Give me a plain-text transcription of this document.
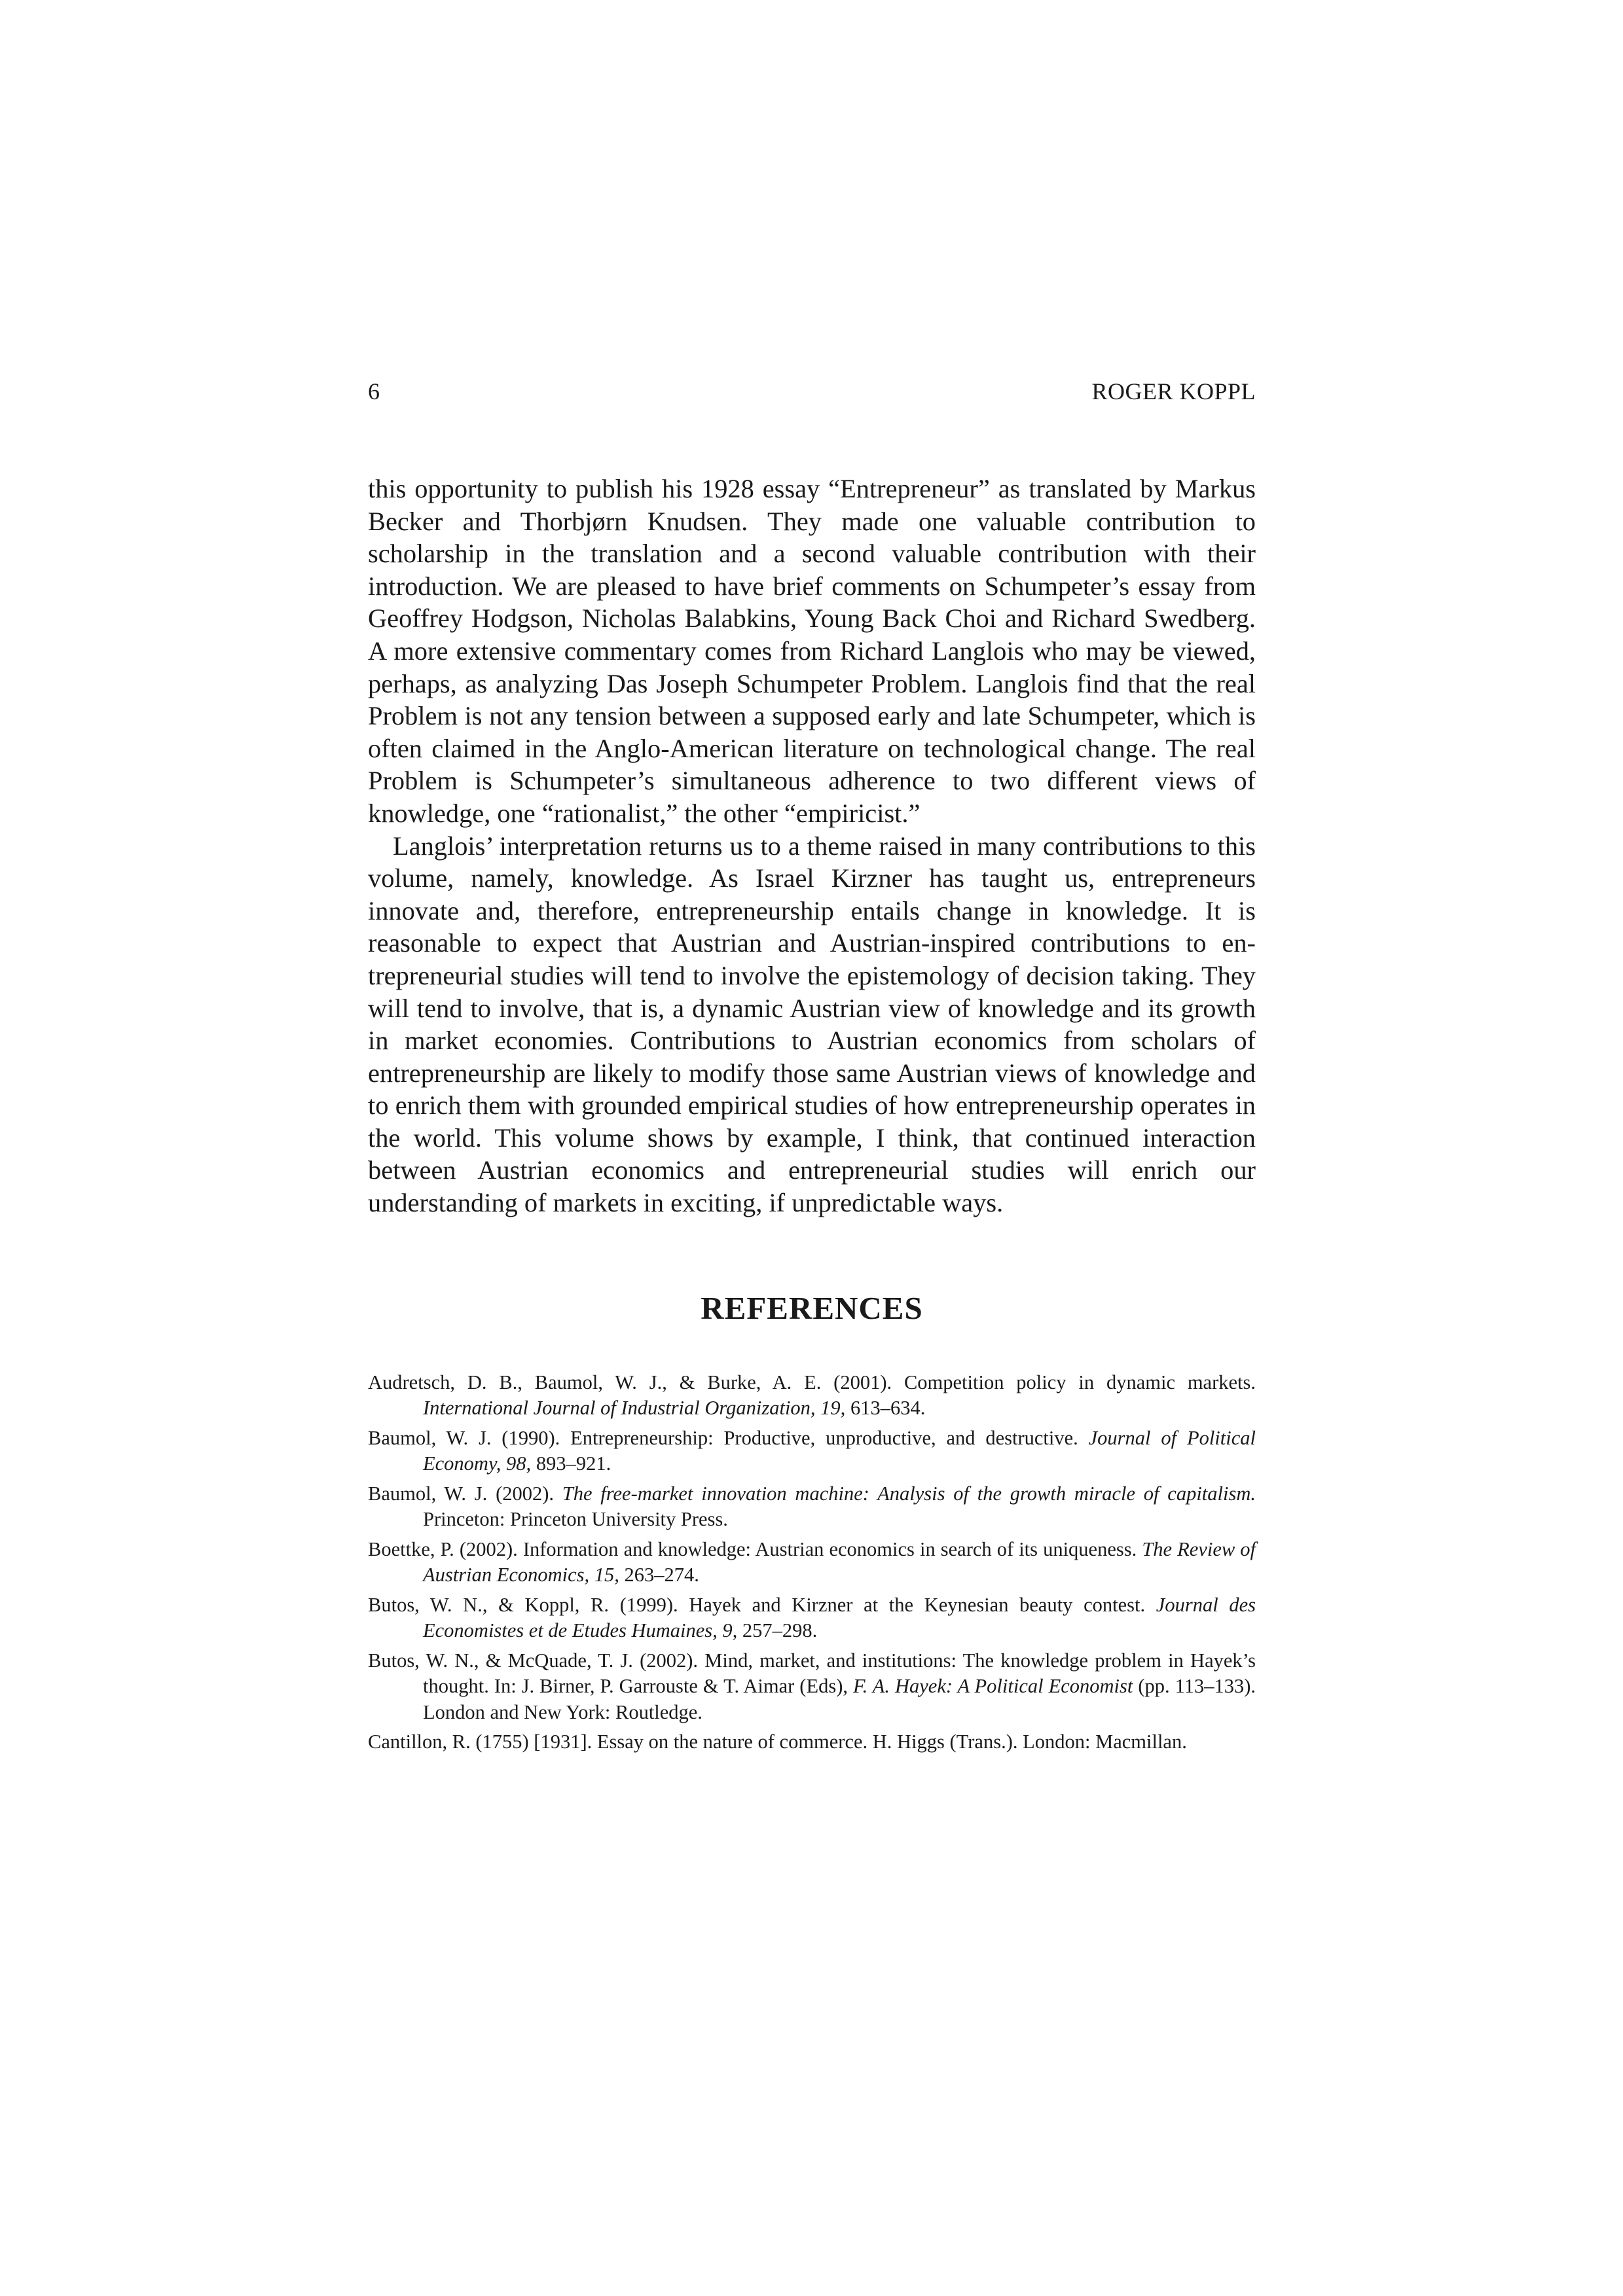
6	ROGER KOPPL

this opportunity to publish his 1928 essay “Entrepreneur” as translated by Markus Becker and Thorbjørn Knudsen. They made one valuable contribution to scholarship in the translation and a second valuable contribution with their introduction. We are pleased to have brief comments on Schumpeter’s essay from Geoffrey Hodgson, Nicholas Balabkins, Young Back Choi and Richard Swedberg. A more extensive commentary comes from Richard Langlois who may be viewed, perhaps, as analyzing Das Joseph Schumpeter Problem. Langlois find that the real Problem is not any tension between a supposed early and late Schumpeter, which is often claimed in the Anglo-American literature on technological change. The real Problem is Schumpeter’s simultaneous adherence to two different views of knowledge, one “rationalist,” the other “empiricist.”

Langlois’ interpretation returns us to a theme raised in many contributions to this volume, namely, knowledge. As Israel Kirzner has taught us, entrepreneurs innovate and, therefore, entrepreneurship entails change in knowledge. It is reasonable to expect that Austrian and Austrian-inspired contributions to entrepreneurial studies will tend to involve the epistemology of decision taking. They will tend to involve, that is, a dynamic Austrian view of knowledge and its growth in market economies. Contributions to Austrian economics from scholars of entrepreneurship are likely to modify those same Austrian views of knowledge and to enrich them with grounded empirical studies of how entrepreneurship operates in the world. This volume shows by example, I think, that continued interaction between Austrian economics and entrepreneurial studies will enrich our understanding of markets in exciting, if unpredictable ways.

REFERENCES
Audretsch, D. B., Baumol, W. J., & Burke, A. E. (2001). Competition policy in dynamic markets. International Journal of Industrial Organization, 19, 613–634.
Baumol, W. J. (1990). Entrepreneurship: Productive, unproductive, and destructive. Journal of Political Economy, 98, 893–921.
Baumol, W. J. (2002). The free-market innovation machine: Analysis of the growth miracle of capitalism. Princeton: Princeton University Press.
Boettke, P. (2002). Information and knowledge: Austrian economics in search of its uniqueness. The Review of Austrian Economics, 15, 263–274.
Butos, W. N., & Koppl, R. (1999). Hayek and Kirzner at the Keynesian beauty contest. Journal des Economistes et de Etudes Humaines, 9, 257–298.
Butos, W. N., & McQuade, T. J. (2002). Mind, market, and institutions: The knowledge problem in Hayek’s thought. In: J. Birner, P. Garrouste & T. Aimar (Eds), F. A. Hayek: A Political Economist (pp. 113–133). London and New York: Routledge.
Cantillon, R. (1755) [1931]. Essay on the nature of commerce. H. Higgs (Trans.). London: Macmillan.
